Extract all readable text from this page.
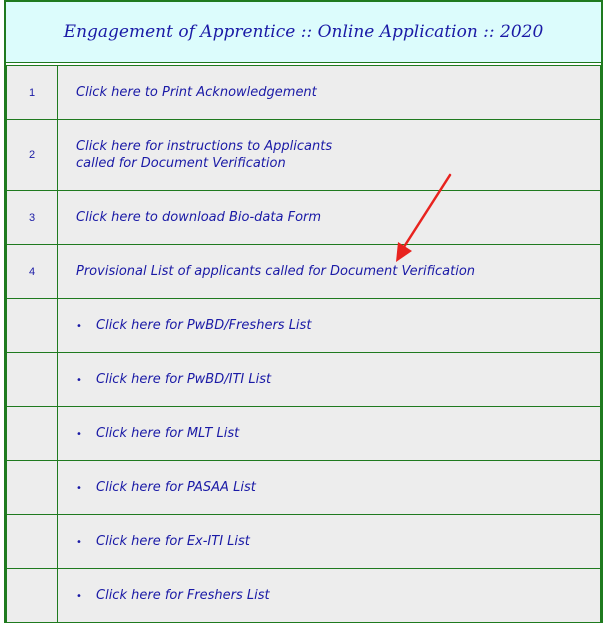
Engagement of Apprentice :: Online Application :: 2020
1	Click here to Print Acknowledgement
2	Click here for instructions to Applicants
called for Document Verification

3	Click here to download Bio-data Form
4	Provisional List of applicants called for Document Verification
	• Click here for PwBD/Freshers List
	• Click here for PwBD/ITI List
	• Click here for MLT List
	• Click here for PASAA List
	• Click here for Ex-ITI List
	• Click here for Freshers List
